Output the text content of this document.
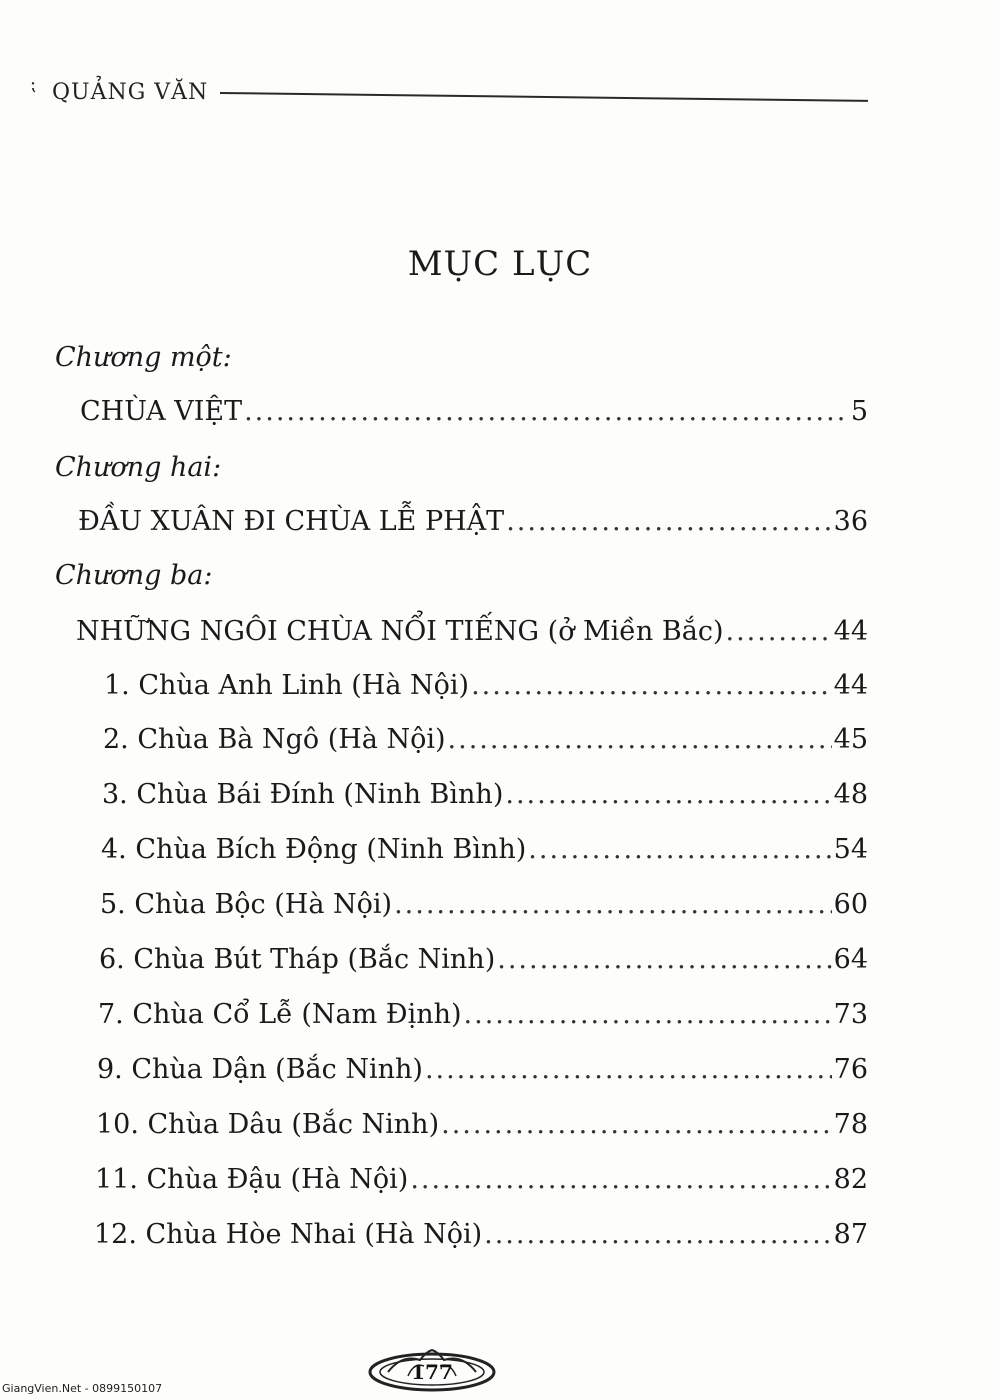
⁏ QUẢNG VĂN
MỤC LỤC
Chương một:
CHÙA VIỆT .....	5
Chương hai:
ĐẦU XUÂN ĐI CHÙA LỄ PHẬT .....	36
Chương ba:
NHỮNG NGÔI CHÙA NỔI TIẾNG (ở Miền Bắc) .....	44
1. Chùa Anh Linh (Hà Nội) .....	44
2. Chùa Bà Ngô (Hà Nội) .....	45
3. Chùa Bái Đính (Ninh Bình) .....	48
4. Chùa Bích Động (Ninh Bình) .....	54
5. Chùa Bộc (Hà Nội) .....	60
6. Chùa Bút Tháp (Bắc Ninh) .....	64
7. Chùa Cổ Lễ (Nam Định) .....	73
9. Chùa Dận (Bắc Ninh) .....	76
10. Chùa Dâu (Bắc Ninh) .....	78
11. Chùa Đậu (Hà Nội) .....	82
12. Chùa Hòe Nhai (Hà Nội) .....	87
177
GiangVien.Net - 0899150107
